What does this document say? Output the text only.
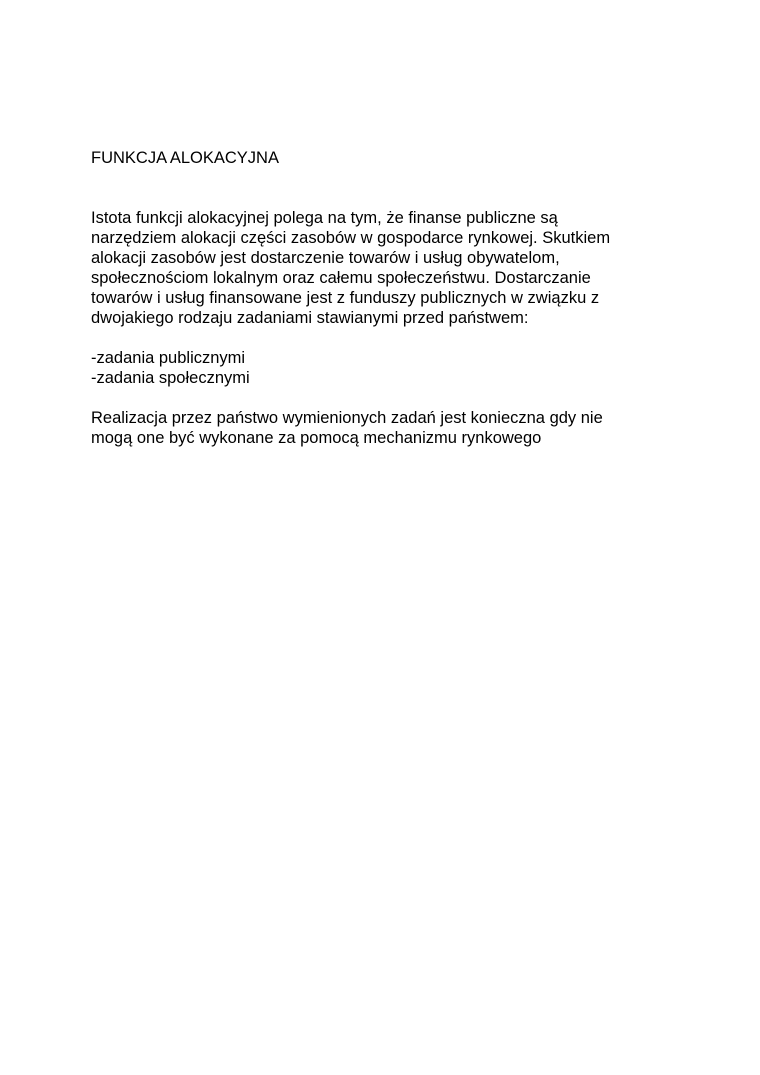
FUNKCJA ALOKACYJNA
Istota funkcji alokacyjnej polega na tym, że finanse publiczne są
narzędziem alokacji części zasobów w gospodarce rynkowej. Skutkiem
alokacji zasobów jest dostarczenie towarów i usług obywatelom,
społecznościom lokalnym oraz całemu społeczeństwu. Dostarczanie
towarów i usług finansowane jest z funduszy publicznych w związku z
dwojakiego rodzaju zadaniami stawianymi przed państwem:
-zadania publicznymi
-zadania społecznymi
Realizacja przez państwo wymienionych zadań jest konieczna gdy nie
mogą one być wykonane za pomocą mechanizmu rynkowego
